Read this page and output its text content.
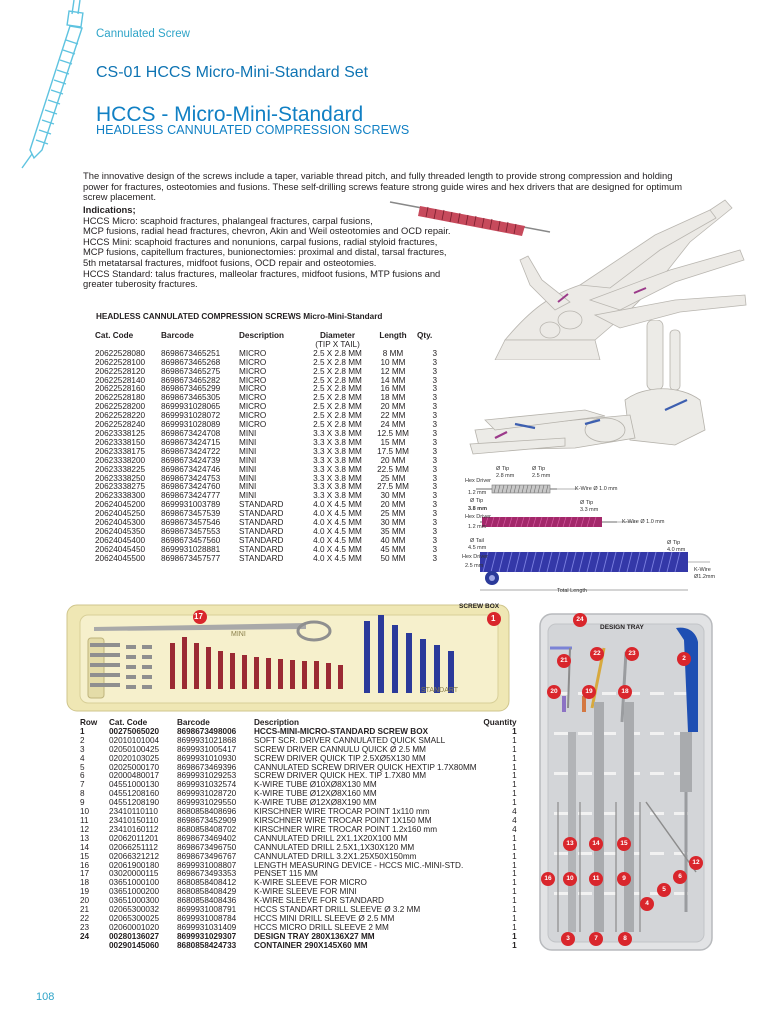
Cannulated Screw
CS-01 HCCS Micro-Mini-Standard Set
HCCS - Micro-Mini-Standard
HEADLESS CANNULATED COMPRESSION SCREWS
The innovative design of the screws include a taper, variable thread pitch, and fully threaded length to provide strong compression and holding power for fractures, osteotomies and fusions. These self-drilling screws feature strong guide wires and hex drivers that are designed for optimum screw placement.
Indications;
HCCS Micro: scaphoid fractures, phalangeal fractures, carpal fusions,
MCP fusions, radial head fractures, chevron, Akin and Weil osteotomies and OCD repair.
HCCS Mini: scaphoid fractures and nonunions, carpal fusions, radial styloid fractures,
MCP fusions, capitellum fractures, bunionectomies: proximal and distal, tarsal fractures,
5th metatarsal fractures, midfoot fusions, OCD repair and osteotomies.
HCCS Standard: talus fractures, malleolar fractures, midfoot fusions, MTP fusions and
greater tuberosity fractures.
HEADLESS CANNULATED COMPRESSION SCREWS Micro-Mini-Standard
Cat. Code	Barcode	Description	Diameter
(TIP X TAIL)	Length	Qty.
20622528080	8698673465251	MICRO	2.5 X 2.8 MM	8 MM	3
20622528100	8698673465268	MICRO	2.5 X 2.8 MM	10 MM	3
20622528120	8698673465275	MICRO	2.5 X 2.8 MM	12 MM	3
20622528140	8698673465282	MICRO	2.5 X 2.8 MM	14 MM	3
20622528160	8698673465299	MICRO	2.5 X 2.8 MM	16 MM	3
20622528180	8698673465305	MICRO	2.5 X 2.8 MM	18 MM	3
20622528200	8699931028065	MICRO	2.5 X 2.8 MM	20 MM	3
20622528220	8699931028072	MICRO	2.5 X 2.8 MM	22 MM	3
20622528240	8699931028089	MICRO	2.5 X 2.8 MM	24 MM	3
20623338125	8698673424708	MINI	3.3 X 3.8 MM	12.5 MM	3
20623338150	8698673424715	MINI	3.3 X 3.8 MM	15 MM	3
20623338175	8698673424722	MINI	3.3 X 3.8 MM	17.5 MM	3
20623338200	8698673424739	MINI	3.3 X 3.8 MM	20 MM	3
20623338225	8698673424746	MINI	3.3 X 3.8 MM	22.5 MM	3
20623338250	8698673424753	MINI	3.3 X 3.8 MM	25 MM	3
20623338275	8698673424760	MINI	3.3 X 3.8 MM	27.5 MM	3
20623338300	8698673424777	MINI	3.3 X 3.8 MM	30 MM	3
20624045200	8699931003789	STANDARD	4.0 X 4.5 MM	20 MM	3
20624045250	8698673457539	STANDARD	4.0 X 4.5 MM	25 MM	3
20624045300	8698673457546	STANDARD	4.0 X 4.5 MM	30 MM	3
20624045350	8698673457553	STANDARD	4.0 X 4.5 MM	35 MM	3
20624045400	8698673457560	STANDARD	4.0 X 4.5 MM	40 MM	3
20624045450	8699931028881	STANDARD	4.0 X 4.5 MM	45 MM	3
20624045500	8698673457577	STANDARD	4.0 X 4.5 MM	50 MM	3
Ø Tip
2.8 mm
Ø Tip
2.5 mm
Hex Driver
1.2 mm
K-Wire Ø 1.0 mm
Ø Tip
3.3 mm
Ø Tip
3.8 mm
Hex Driver
1.2 mm
K-Wire Ø 1.0 mm
Ø Tail
4.5 mm
Ø Tip
4.0 mm
Hex Driver
2.5 mm
K-Wire
Ø1.2mm
Total Length
17	1
SCREW BOX
MINI
STANDART
DESIGN TRAY
24
2
21
22	23
20	19	18
13	14	15
16	10	11
12
6
5
4
3	7	8
9
Row	Cat. Code	Barcode	Description	Quantity
1	00275065020	8698673498006	HCCS-MINI-MICRO-STANDARD SCREW BOX	1
2	02010101004	8699931021868	SOFT SCR. DRIVER CANNULATED QUICK SMALL	1
3	02050100425	8699931005417	SCREW DRIVER CANNULU QUICK Ø 2.5 MM	1
4	02020103025	8699931010930	SCREW DRIVER QUICK TIP 2.5XØ5X130 MM	1
5	02025000170	8698673469396	CANNULATED SCREW DRIVER QUICK HEXTIP 1.7X80MM	1
6	02000480017	8699931029253	SCREW DRIVER QUICK HEX. TIP 1.7X80 MM	1
7	04551000130	8699931032574	K-WIRE TUBE Ø10XØ8X130 MM	1
8	04551208160	8699931028720	K-WIRE TUBE Ø12XØ8X160 MM	1
9	04551208190	8699931029550	K-WIRE TUBE Ø12XØ8X190 MM	1
10	23410110110	8680858408696	KIRSCHNER WIRE TROCAR POINT 1x110 mm	4
11	23410150110	8698673452909	KIRSCHNER WIRE TROCAR POINT 1X150 MM	4
12	23410160112	8680858408702	KIRSCHNER WIRE TROCAR POINT 1.2x160 mm	4
13	02062011201	8698673469402	CANNULATED DRILL 2X1.1X20X100 MM	1
14	02066251112	8698673496750	CANNULATED DRILL 2.5X1,1X30X120 MM	1
15	02066321212	8698673496767	CANNULATED DRILL 3.2X1.25X50X150mm	1
16	02061900180	8699931008807	LENGTH MEASURING DEVICE - HCCS MIC.-MINI-STD.	1
17	03020000115	8698673493353	PENSET 115 MM	1
18	03651000100	8680858408412	K-WIRE SLEEVE FOR MICRO	1
19	03651000200	8680858408429	K-WIRE SLEEVE FOR MINI	1
20	03651000300	8680858408436	K-WIRE SLEEVE FOR STANDARD	1
21	02065300032	8699931008791	HCCS STANDART DRILL SLEEVE Ø 3.2 MM	1
22	02065300025	8699931008784	HCCS MINI DRILL SLEEVE Ø 2.5 MM	1
23	02060001020	8699931031409	HCCS MICRO DRILL SLEEVE 2 MM	1
24	00280136027	8699931029307	DESIGN TRAY 280X136X27 MM	1
	00290145060	8680858424733	CONTAINER 290X145X60 MM	1
108
